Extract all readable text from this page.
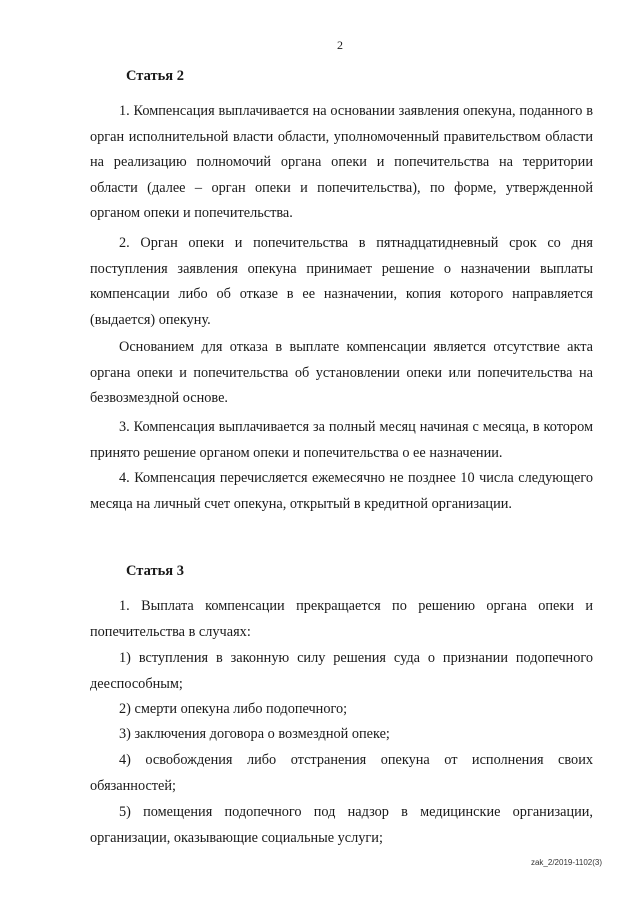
2
Статья 2

1. Компенсация выплачивается на основании заявления опекуна, поданного в орган исполнительной власти области, уполномоченный правительством области на реализацию полномочий органа опеки и попечительства на территории области (далее – орган опеки и попечительства), по форме, утвержденной органом опеки и попечительства.

2. Орган опеки и попечительства в пятнадцатидневный срок со дня поступления заявления опекуна принимает решение о назначении выплаты компенсации либо об отказе в ее назначении, копия которого направляется (выдается) опекуну.

Основанием для отказа в выплате компенсации является отсутствие акта органа опеки и попечительства об установлении опеки или попечительства на безвозмездной основе.

3. Компенсация выплачивается за полный месяц начиная с месяца, в котором принято решение органом опеки и попечительства о ее назначении.

4. Компенсация перечисляется ежемесячно не позднее 10 числа следующего месяца на личный счет опекуна, открытый в кредитной организации.

Статья 3

1. Выплата компенсации прекращается по решению органа опеки и попечительства в случаях:

1) вступления в законную силу решения суда о признании подопечного дееспособным;

2) смерти опекуна либо подопечного;

3) заключения договора о возмездной опеке;

4) освобождения либо отстранения опекуна от исполнения своих обязанностей;

5) помещения подопечного под надзор в медицинские организации, организации, оказывающие социальные услуги;

zak_2/2019-1102(3)
